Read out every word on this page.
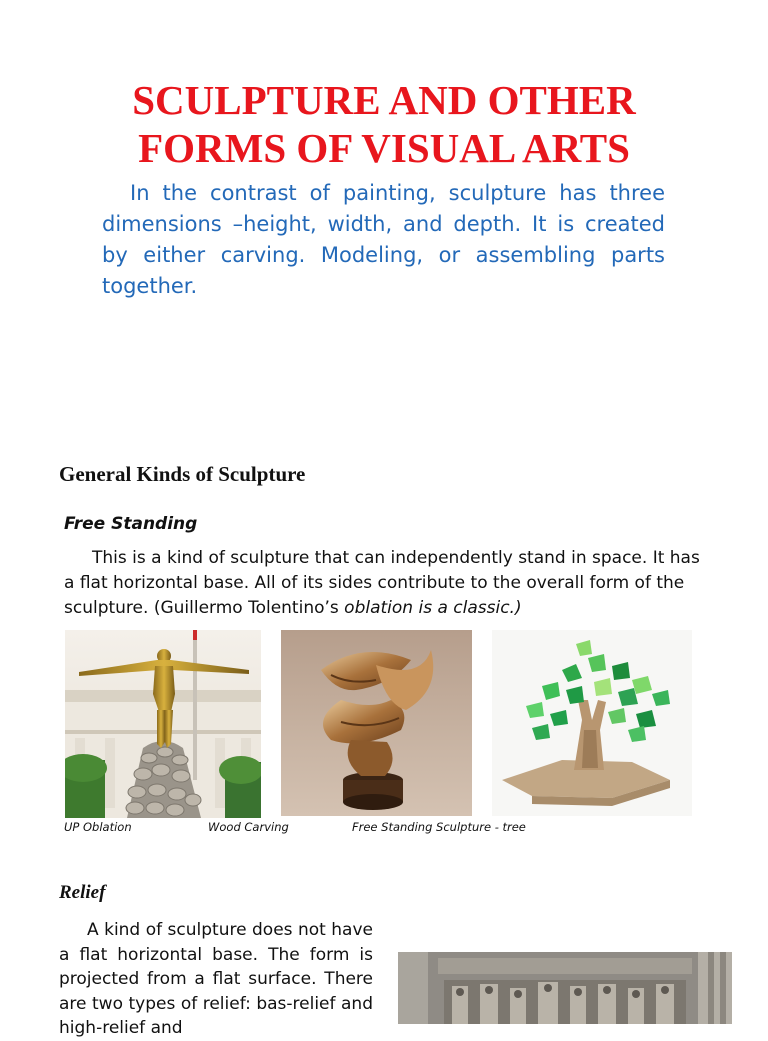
SCULPTURE AND OTHER
FORMS OF VISUAL ARTS
In the contrast of painting, sculpture has three dimensions –height, width, and depth. It is created by either carving. Modeling, or assembling parts together.
General Kinds of Sculpture
Free Standing
This is a kind of sculpture that can independently stand in space. It has a flat horizontal base. All of its sides contribute to the overall form of the sculpture. (Guillermo Tolentino’s oblation is a classic.)
UP Oblation	Wood Carving	Free Standing Sculpture - tree
Relief
A kind of sculpture does not have a flat horizontal base. The form is projected from a flat surface. There are two types of relief: bas-relief and high-relief and
